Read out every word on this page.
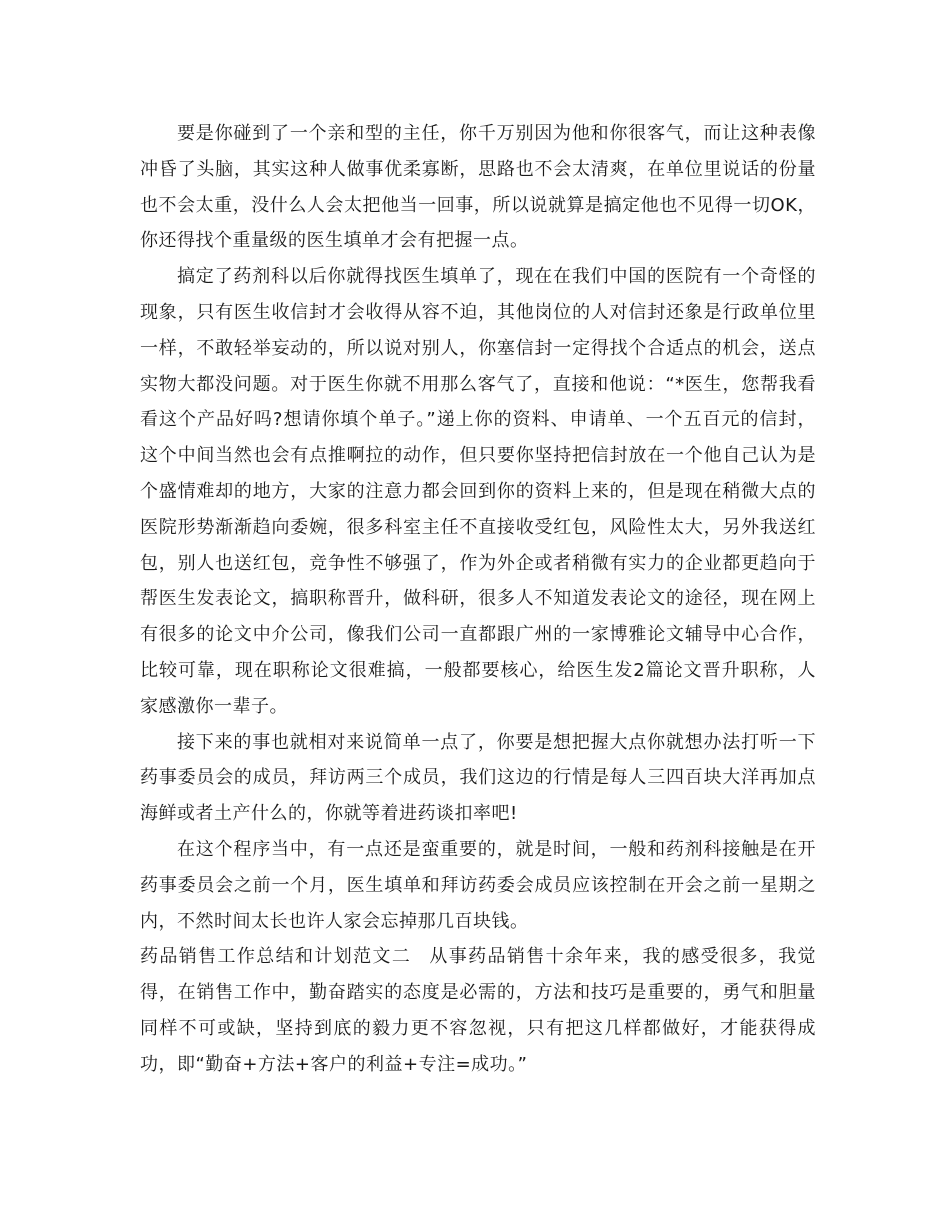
要是你碰到了一个亲和型的主任，你千万别因为他和你很客气，而让这种表像冲昏了头脑，其实这种人做事优柔寡断，思路也不会太清爽，在单位里说话的份量也不会太重，没什么人会太把他当一回事，所以说就算是搞定他也不见得一切OK，你还得找个重量级的医生填单才会有把握一点。

搞定了药剂科以后你就得找医生填单了，现在在我们中国的医院有一个奇怪的现象，只有医生收信封才会收得从容不迫，其他岗位的人对信封还象是行政单位里一样，不敢轻举妄动的，所以说对别人，你塞信封一定得找个合适点的机会，送点实物大都没问题。对于医生你就不用那么客气了，直接和他说：“*医生，您帮我看看这个产品好吗?想请你填个单子。”递上你的资料、申请单、一个五百元的信封，这个中间当然也会有点推啊拉的动作，但只要你坚持把信封放在一个他自己认为是个盛情难却的地方，大家的注意力都会回到你的资料上来的，但是现在稍微大点的医院形势渐渐趋向委婉，很多科室主任不直接收受红包，风险性太大，另外我送红包，别人也送红包，竞争性不够强了，作为外企或者稍微有实力的企业都更趋向于帮医生发表论文，搞职称晋升，做科研，很多人不知道发表论文的途径，现在网上有很多的论文中介公司，像我们公司一直都跟广州的一家博雅论文辅导中心合作，比较可靠，现在职称论文很难搞，一般都要核心，给医生发2篇论文晋升职称，人家感激你一辈子。

接下来的事也就相对来说简单一点了，你要是想把握大点你就想办法打听一下药事委员会的成员，拜访两三个成员，我们这边的行情是每人三四百块大洋再加点海鲜或者土产什么的，你就等着进药谈扣率吧!

在这个程序当中，有一点还是蛮重要的，就是时间，一般和药剂科接触是在开药事委员会之前一个月，医生填单和拜访药委会成员应该控制在开会之前一星期之内，不然时间太长也许人家会忘掉那几百块钱。

药品销售工作总结和计划范文二 从事药品销售十余年来，我的感受很多，我觉得，在销售工作中，勤奋踏实的态度是必需的，方法和技巧是重要的，勇气和胆量同样不可或缺，坚持到底的毅力更不容忽视，只有把这几样都做好，才能获得成功，即“勤奋+方法+客户的利益+专注=成功。”
